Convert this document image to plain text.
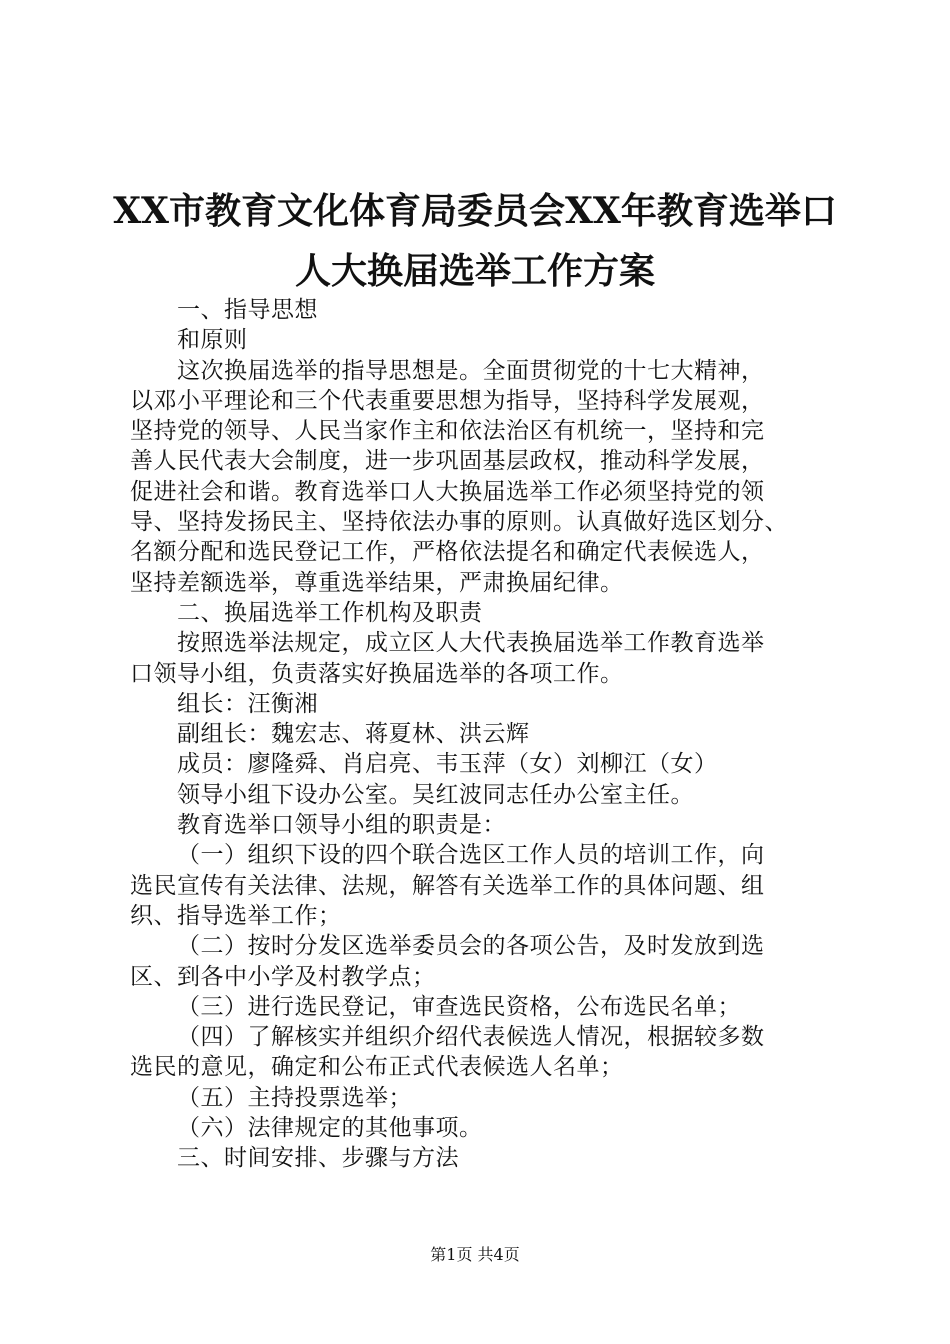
XX市教育文化体育局委员会XX年教育选举口
人大换届选举工作方案
一、指导思想
和原则
这次换届选举的指导思想是。全面贯彻党的十七大精神，
以邓小平理论和三个代表重要思想为指导，坚持科学发展观，
坚持党的领导、人民当家作主和依法治区有机统一，坚持和完
善人民代表大会制度，进一步巩固基层政权，推动科学发展，
促进社会和谐。教育选举口人大换届选举工作必须坚持党的领
导、坚持发扬民主、坚持依法办事的原则。认真做好选区划分、
名额分配和选民登记工作，严格依法提名和确定代表候选人，
坚持差额选举，尊重选举结果，严肃换届纪律。
二、换届选举工作机构及职责
按照选举法规定，成立区人大代表换届选举工作教育选举
口领导小组，负责落实好换届选举的各项工作。
组长：汪衡湘
副组长：魏宏志、蒋夏林、洪云辉
成员：廖隆舜、肖启亮、韦玉萍（女）刘柳江（女）
领导小组下设办公室。吴红波同志任办公室主任。
教育选举口领导小组的职责是：
（一）组织下设的四个联合选区工作人员的培训工作，向
选民宣传有关法律、法规，解答有关选举工作的具体问题、组
织、指导选举工作；
（二）按时分发区选举委员会的各项公告，及时发放到选
区、到各中小学及村教学点；
（三）进行选民登记，审查选民资格，公布选民名单；
（四）了解核实并组织介绍代表候选人情况，根据较多数
选民的意见，确定和公布正式代表候选人名单；
（五）主持投票选举；
（六）法律规定的其他事项。
三、时间安排、步骤与方法
第1页 共4页
